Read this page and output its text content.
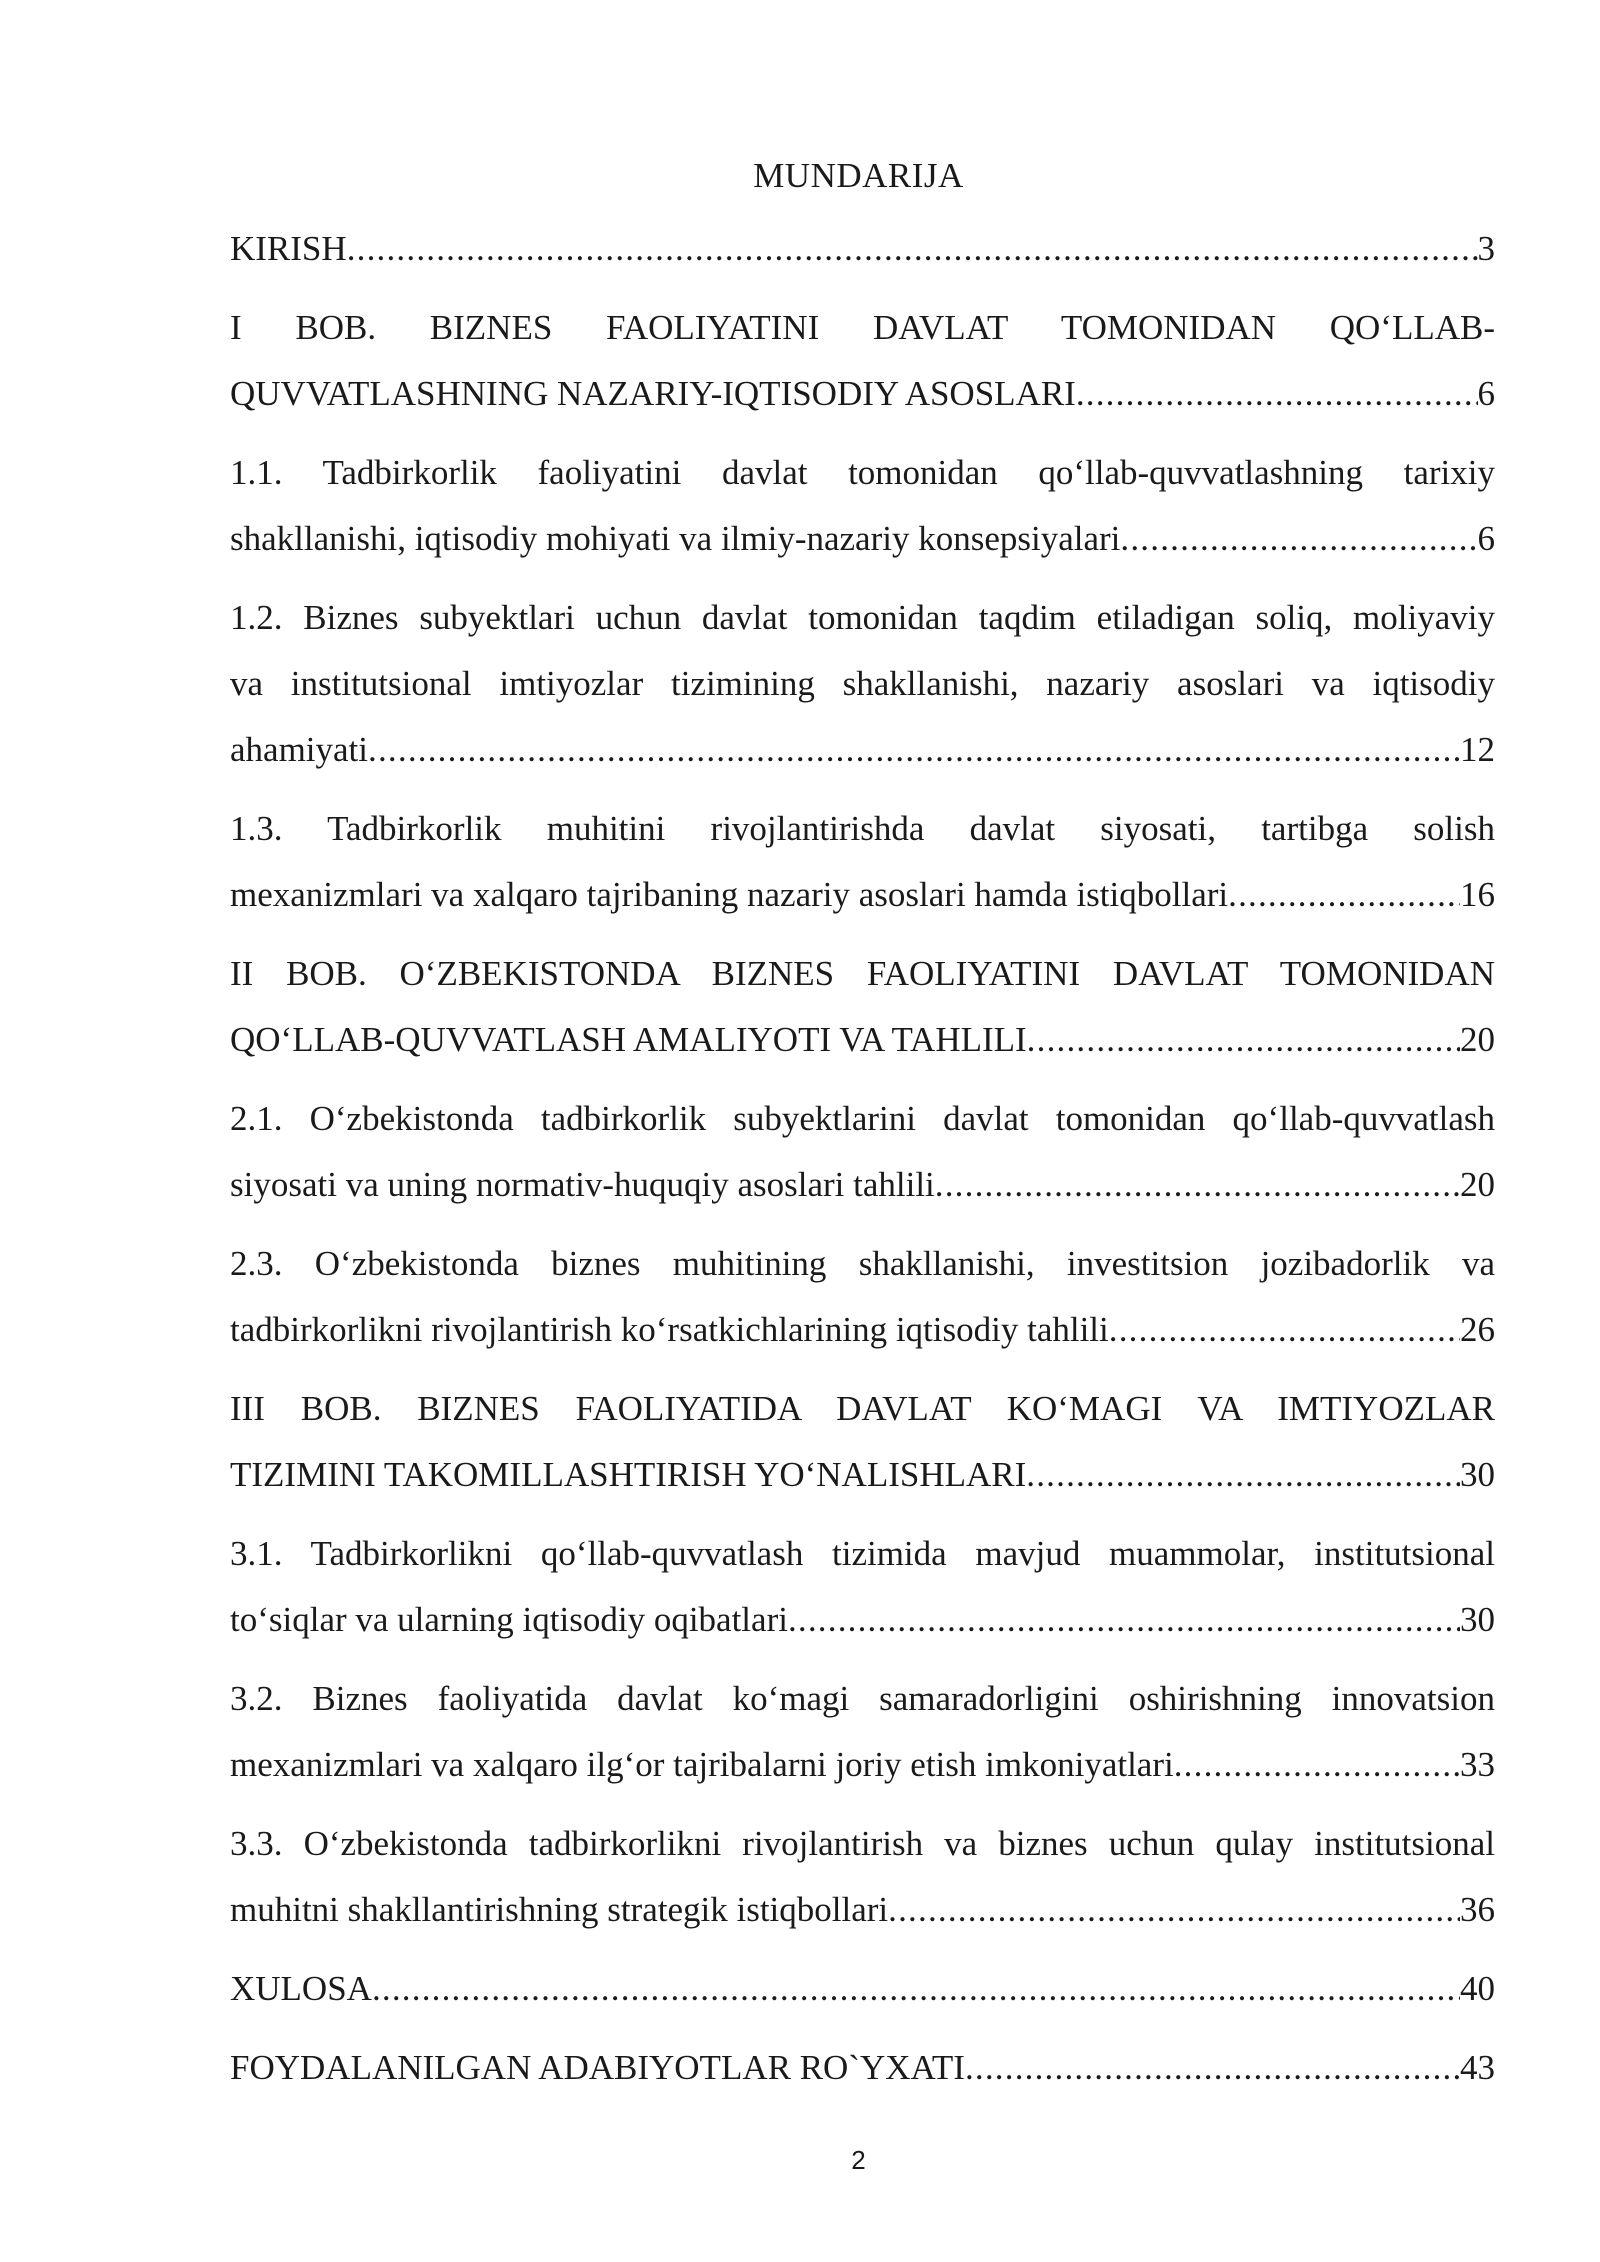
MUNDARIJA
KIRISH .....	3
I BOB. BIZNES FAOLIYATINI DAVLAT TOMONIDAN QO‘LLAB-
QUVVATLASHNING NAZARIY-IQTISODIY ASOSLARI .....	6
1.1. Tadbirkorlik faoliyatini davlat tomonidan qo‘llab-quvvatlashning tarixiy
shakllanishi, iqtisodiy mohiyati va ilmiy-nazariy konsepsiyalari .....	6
1.2. Biznes subyektlari uchun davlat tomonidan taqdim etiladigan soliq, moliyaviy
va institutsional imtiyozlar tizimining shakllanishi, nazariy asoslari va iqtisodiy
ahamiyati .....	12
1.3. Tadbirkorlik muhitini rivojlantirishda davlat siyosati, tartibga solish
mexanizmlari va xalqaro tajribaning nazariy asoslari hamda istiqbollari .....	16
II BOB. O‘ZBEKISTONDA BIZNES FAOLIYATINI DAVLAT TOMONIDAN
QO‘LLAB-QUVVATLASH AMALIYOTI VA TAHLILI .....	20
2.1. O‘zbekistonda tadbirkorlik subyektlarini davlat tomonidan qo‘llab-quvvatlash
siyosati va uning normativ-huquqiy asoslari tahlili .....	20
2.3. O‘zbekistonda biznes muhitining shakllanishi, investitsion jozibadorlik va
tadbirkorlikni rivojlantirish ko‘rsatkichlarining iqtisodiy tahlili .....	26
III BOB. BIZNES FAOLIYATIDA DAVLAT KO‘MAGI VA IMTIYOZLAR
TIZIMINI TAKOMILLASHTIRISH YO‘NALISHLARI .....	30
3.1. Tadbirkorlikni qo‘llab-quvvatlash tizimida mavjud muammolar, institutsional
to‘siqlar va ularning iqtisodiy oqibatlari .....	30
3.2. Biznes faoliyatida davlat ko‘magi samaradorligini oshirishning innovatsion
mexanizmlari va xalqaro ilg‘or tajribalarni joriy etish imkoniyatlari .....	33
3.3. O‘zbekistonda tadbirkorlikni rivojlantirish va biznes uchun qulay institutsional
muhitni shakllantirishning strategik istiqbollari .....	36
XULOSA .....	40
FOYDALANILGAN ADABIYOTLAR RO`YXATI .....	43
2
